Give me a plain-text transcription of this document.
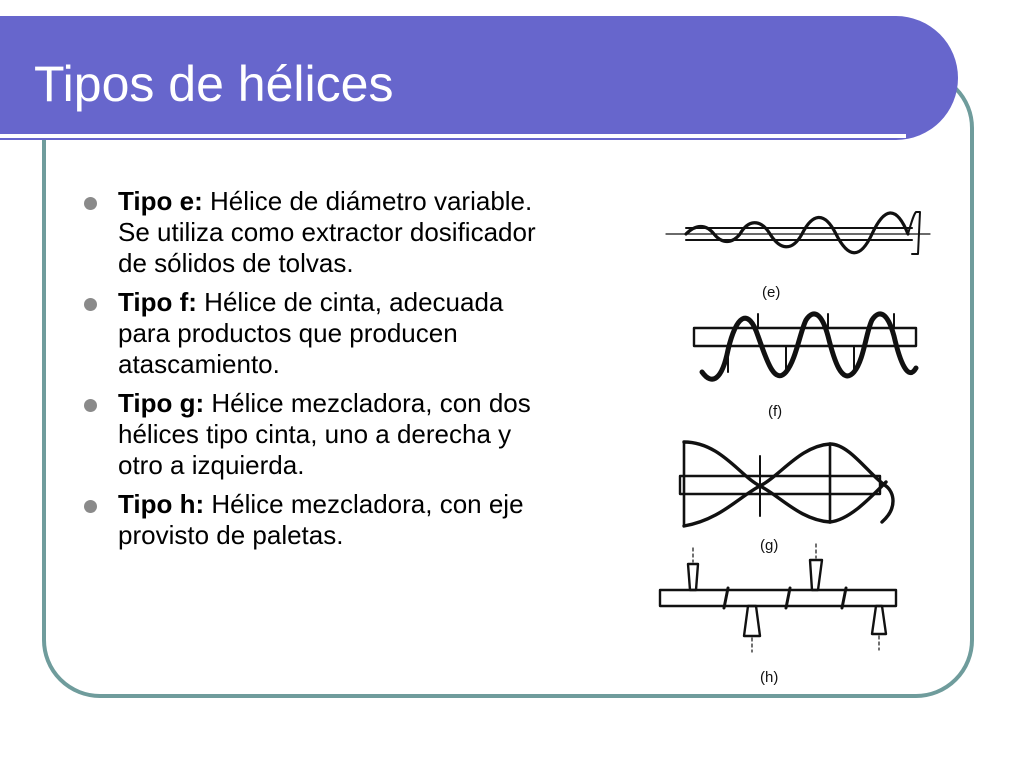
Tipos de hélices
Tipo e: Hélice de diámetro variable. Se utiliza como extractor dosificador de sólidos de tolvas.
Tipo f: Hélice de cinta, adecuada para productos que producen atascamiento.
Tipo g: Hélice mezcladora, con dos hélices tipo cinta, uno a derecha y otro a izquierda.
Tipo h: Hélice mezcladora, con eje provisto de paletas.
(e)
(f)
(g)
(h)
